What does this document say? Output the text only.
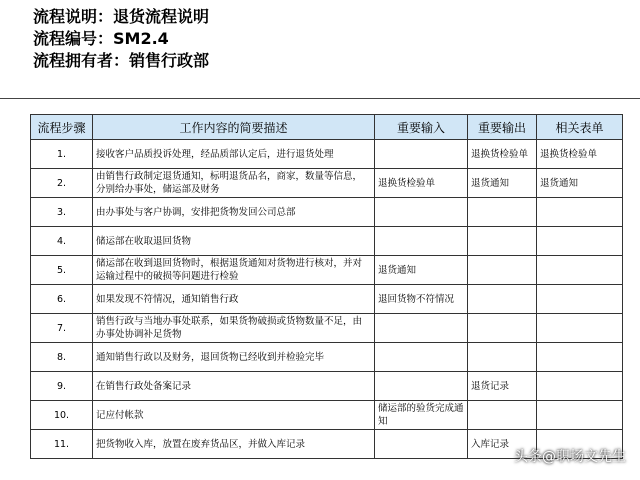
流程说明：退货流程说明
流程编号：SM2.4
流程拥有者：销售行政部
流程步骤	工作内容的简要描述	重要输入	重要输出	相关表单
1.	接收客户品质投诉处理，经品质部认定后，进行退货处理		退换货检验单	退换货检验单
2.	由销售行政制定退货通知，标明退货品名，商家，数量等信息，分别给办事处，储运部及财务	退换货检验单	退货通知	退货通知
3.	由办事处与客户协调，安排把货物发回公司总部			
4.	储运部在收取退回货物			
5.	储运部在收到退回货物时，根据退货通知对货物进行核对，并对运输过程中的破损等问题进行检验	退货通知		
6.	如果发现不符情况，通知销售行政	退回货物不符情况		
7.	销售行政与当地办事处联系，如果货物破损或货物数量不足，由办事处协调补足货物			
8.	通知销售行政以及财务，退回货物已经收到并检验完毕			
9.	在销售行政处备案记录		退货记录	
10.	记应付帐款	储运部的验货完成通知		
11.	把货物收入库，放置在废弃货品区，并做入库记录		入库记录	
头条@职场文先生
